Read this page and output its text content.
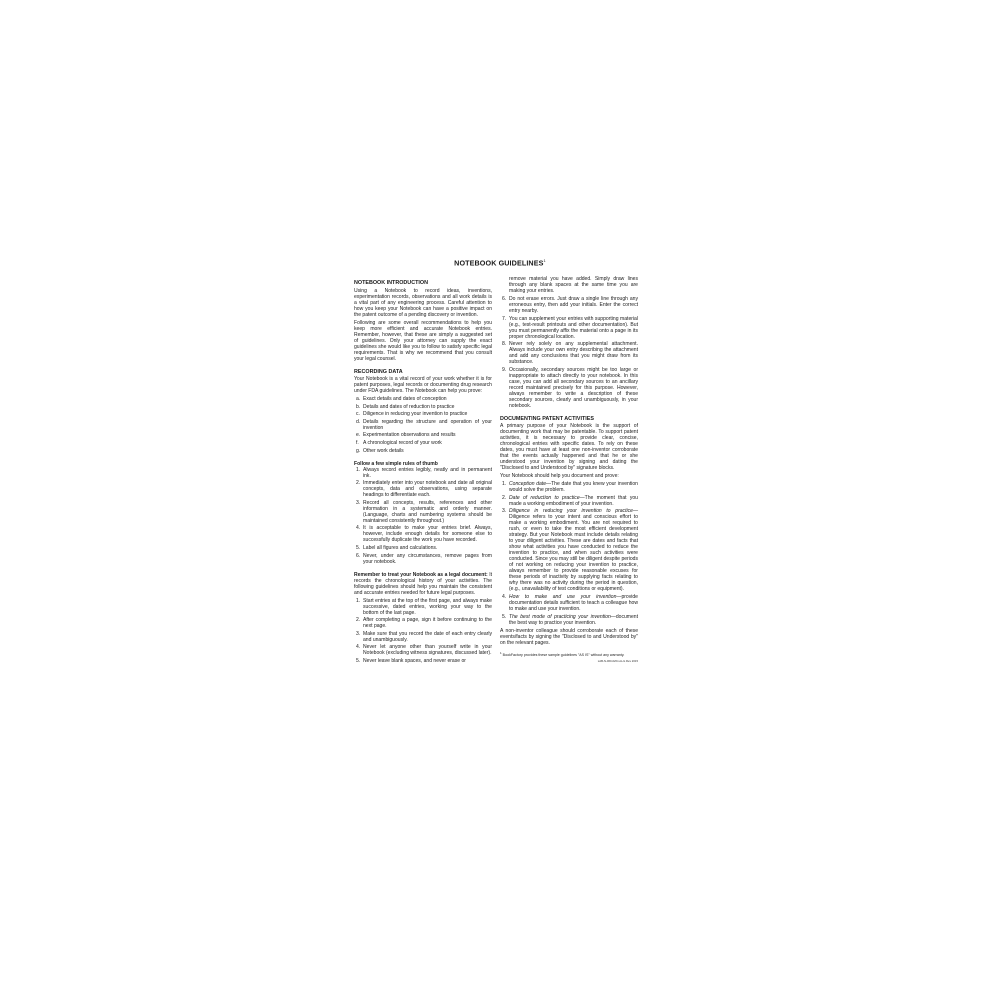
NOTEBOOK GUIDELINES$^1$
NOTEBOOK INTRODUCTION

Using a Notebook to record ideas, inventions, experimentation records, observations and all work details is a vital part of any engineering process. Careful attention to how you keep your Notebook can have a positive impact on the patent outcome of a pending discovery or invention.

Following are some overall recommendations to help you keep more efficient and accurate Notebook entries. Remember, however, that these are simply a suggested set of guidelines. Only your attorney can supply the exact guidelines she would like you to follow to satisfy specific legal requirements. That is why we recommend that you consult your legal counsel.

RECORDING DATA

Your Notebook is a vital record of your work whether it is for patent purposes, legal records or documenting drug research under FDA guidelines. The Notebook can help you prove:

a. Exact details and dates of conception
b. Details and dates of reduction to practice
c. Diligence in reducing your invention to practice
d. Details regarding the structure and operation of your invention
e. Experimentation observations and results
f. A chronological record of your work
g. Other work details
Follow a few simple rules of thumb
1. Always record entries legibly, neatly and in permanent ink.
2. Immediately enter into your notebook and date all original concepts, data and observations, using separate headings to differentiate each.
3. Record all concepts, results, references and other information in a systematic and orderly manner. (Language, charts and numbering systems should be maintained consistently throughout.)
4. It is acceptable to make your entries brief. Always, however, include enough details for someone else to successfully duplicate the work you have recorded.
5. Label all figures and calculations.
6. Never, under any circumstances, remove pages from your notebook.

Remember to treat your Notebook as a legal document: It records the chronological history of your activities. The following guidelines should help you maintain the consistent and accurate entries needed for future legal purposes.

1. Start entries at the top of the first page, and always make successive, dated entries, working your way to the bottom of the last page.
2. After completing a page, sign it before continuing to the next page.
3. Make sure that you record the date of each entry clearly and unambiguously.
4. Never let anyone other than yourself write in your Notebook (excluding witness signatures, discussed later).
5. Never leave blank spaces, and never erase or

remove material you have added. Simply draw lines through any blank spaces at the same time you are making your entries.

6. Do not erase errors. Just draw a single line through any erroneous entry, then add your initials. Enter the correct entry nearby.
7. You can supplement your entries with supporting material (e.g., test-result printouts and other documentation). But you must permanently affix the material onto a page in its proper chronological location.
8. Never rely solely on any supplemental attachment. Always include your own entry describing the attachment and add any conclusions that you might draw from its substance.
9. Occasionally, secondary sources might be too large or inappropriate to attach directly to your notebook. In this case, you can add all secondary sources to an ancillary record maintained precisely for this purpose. However, always remember to write a description of these secondary sources, clearly and unambiguously, in your notebook.
DOCUMENTING PATENT ACTIVITIES

A primary purpose of your Notebook is the support of documenting work that may be patentable. To support patent activities, it is necessary to provide clear, concise, chronological entries with specific dates. To rely on these dates, you must have at least one non-inventor corroborate that the events actually happened and that he or she understood your invention by signing and dating the "Disclosed to and Understood by" signature blocks.

Your Notebook should help you document and prove:

1. Conception date—The date that you knew your invention would solve the problem.
2. Date of reduction to practice—The moment that you made a working embodiment of your invention.
3. Diligence in reducing your invention to practice—Diligence refers to your intent and conscious effort to make a working embodiment. You are not required to rush, or even to take the most efficient development strategy. But your Notebook must include details relating to your diligent activities. These are dates and facts that show what activities you have conducted to reduce the invention to practice, and when such activities were conducted. Since you may still be diligent despite periods of not working on reducing your invention to practice, always remember to provide reasonable excuses for these periods of inactivity by supplying facts relating to why there was no activity during the period in question, (e.g., unavailability of test conditions or equipment).
4. How to make and use your invention—provide documentation details sufficient to teach a colleague how to make and use your invention.
5. The best mode of practicing your invention—document the best way to practice your invention.

A non-inventor colleague should corroborate each of these events/facts by signing the "Disclosed to and Understood by" on the relevant pages.

$^1$ BookFactory provides these sample guidelines "AS IS" without any warranty.
LAB-N-060-02D-H-LG Rev 2015
